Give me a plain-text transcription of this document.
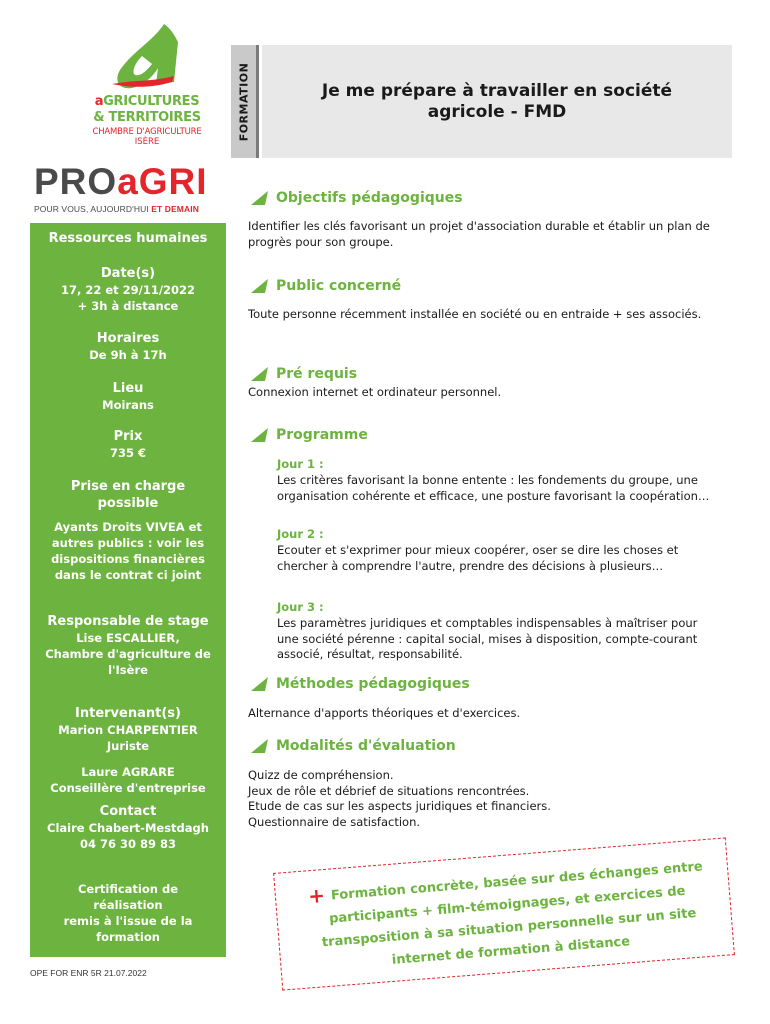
aGRICULTURES
& TERRITOIRES
CHAMBRE D'AGRICULTURE
ISÈRE
PROaGRI
POUR VOUS, AUJOURD'HUI ET DEMAIN
FORMATION	Je me prépare à travailler en société agricole - FMD
Ressources humaines
Date(s)
17, 22 et 29/11/2022
+ 3h à distance
Horaires
De 9h à 17h
Lieu
Moirans
Prix
735 €
Prise en charge
possible
Ayants Droits VIVEA et autres publics : voir les dispositions financières dans le contrat ci joint
Responsable de stage
Lise ESCALLIER,
Chambre d'agriculture de l'Isère
Intervenant(s)
Marion CHARPENTIER
Juriste
Laure AGRARE
Conseillère d'entreprise
Contact
Claire Chabert-Mestdagh
04 76 30 89 83
Certification de
réalisation
remis à l'issue de la
formation
OPE FOR ENR 5R 21.07.2022
Objectifs pédagogiques
Identifier les clés favorisant un projet d'association durable et établir un plan de progrès pour son groupe.
Public concerné
Toute personne récemment installée en société ou en entraide + ses associés.
Pré requis
Connexion internet et ordinateur personnel.
Programme
Jour 1 :
Les critères favorisant la bonne entente : les fondements du groupe, une organisation cohérente et efficace, une posture favorisant la coopération…
Jour 2 :
Ecouter et s'exprimer pour mieux coopérer, oser se dire les choses et chercher à comprendre l'autre, prendre des décisions à plusieurs…
Jour 3 :
Les paramètres juridiques et comptables indispensables à maîtriser pour une société pérenne : capital social, mises à disposition, compte-courant associé, résultat, responsabilité.
Méthodes pédagogiques
Alternance d'apports théoriques et d'exercices.
Modalités d'évaluation
Quizz de compréhension.
Jeux de rôle et débrief de situations rencontrées.
Etude de cas sur les aspects juridiques et financiers.
Questionnaire de satisfaction.
+ Formation concrète, basée sur des échanges entre participants + film-témoignages, et exercices de transposition à sa situation personnelle sur un site internet de formation à distance
